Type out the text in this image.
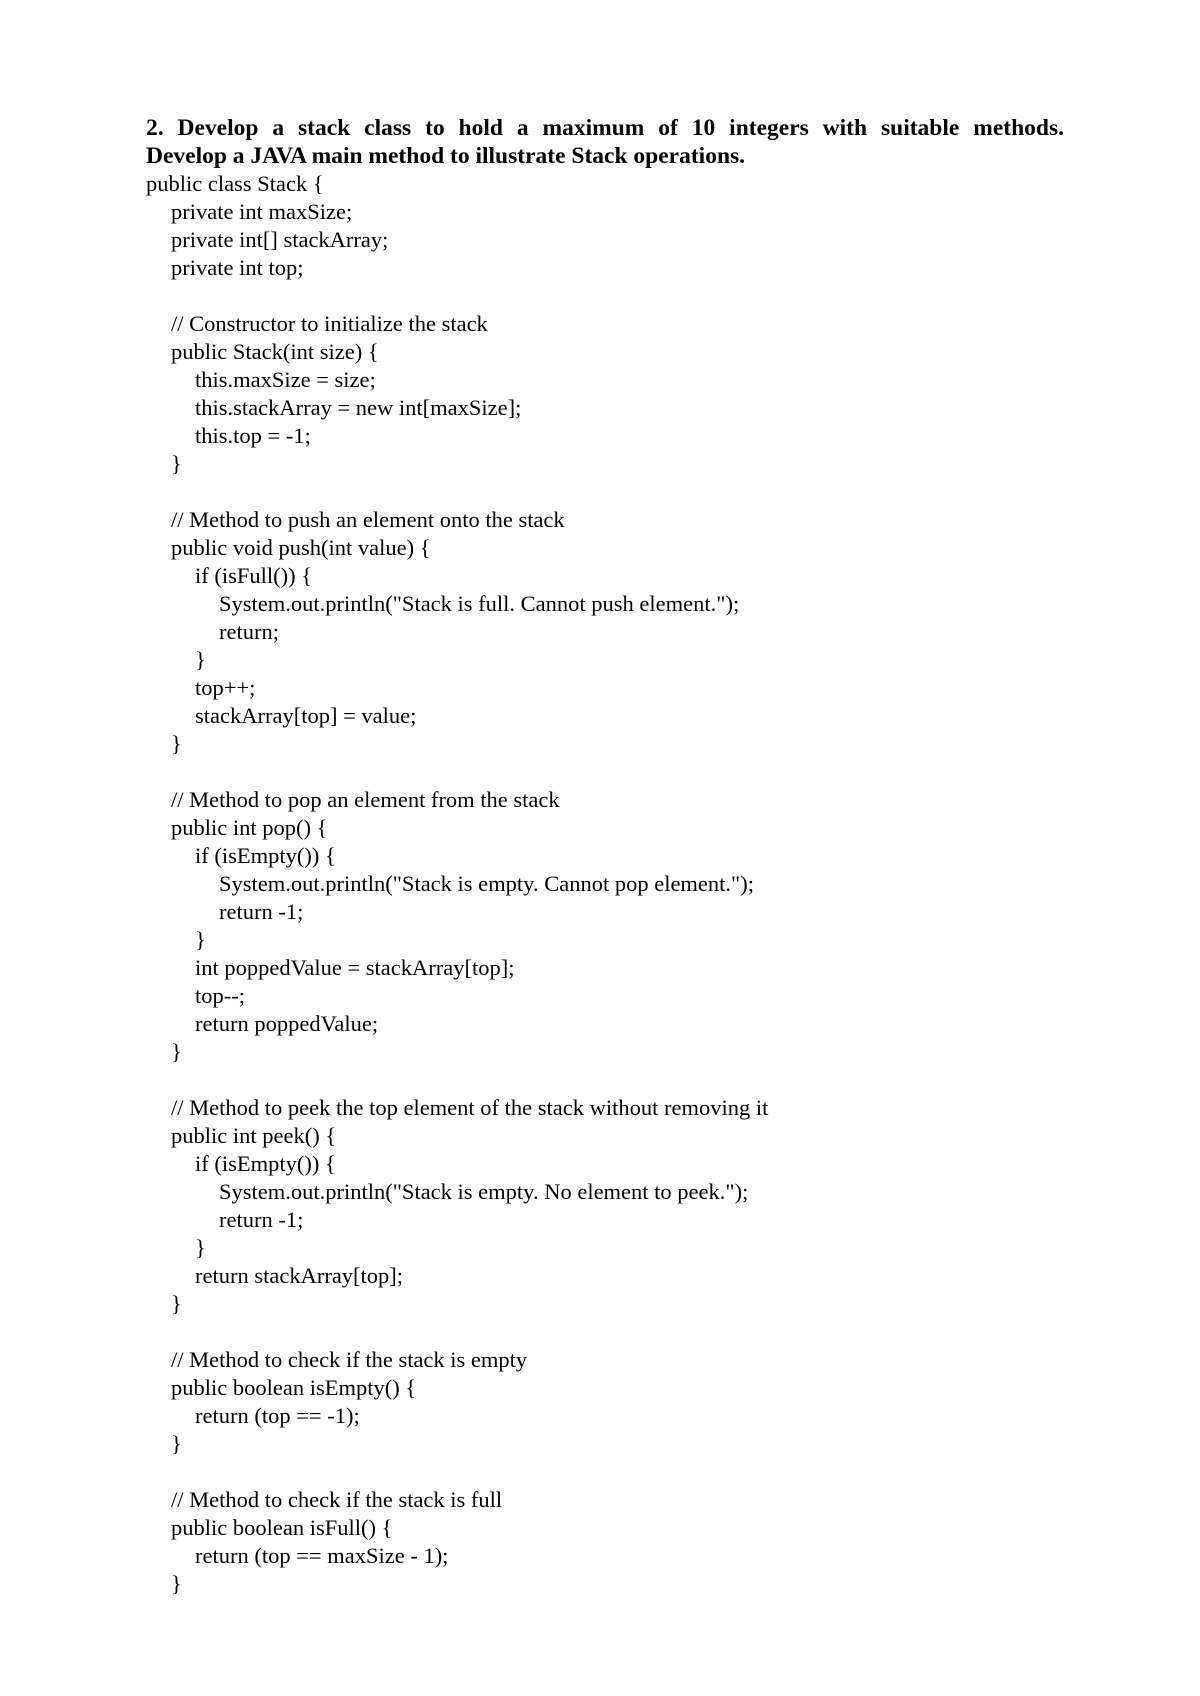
2. Develop a stack class to hold a maximum of 10 integers with suitable methods.
Develop a JAVA main method to illustrate Stack operations.
public class Stack {
private int maxSize;
private int[] stackArray;
private int top;
// Constructor to initialize the stack
public Stack(int size) {
this.maxSize = size;
this.stackArray = new int[maxSize];
this.top = -1;
}
// Method to push an element onto the stack
public void push(int value) {
if (isFull()) {
System.out.println("Stack is full. Cannot push element.");
return;
}
top++;
stackArray[top] = value;
}
// Method to pop an element from the stack
public int pop() {
if (isEmpty()) {
System.out.println("Stack is empty. Cannot pop element.");
return -1;
}
int poppedValue = stackArray[top];
top--;
return poppedValue;
}
// Method to peek the top element of the stack without removing it
public int peek() {
if (isEmpty()) {
System.out.println("Stack is empty. No element to peek.");
return -1;
}
return stackArray[top];
}
// Method to check if the stack is empty
public boolean isEmpty() {
return (top == -1);
}
// Method to check if the stack is full
public boolean isFull() {
return (top == maxSize - 1);
}
